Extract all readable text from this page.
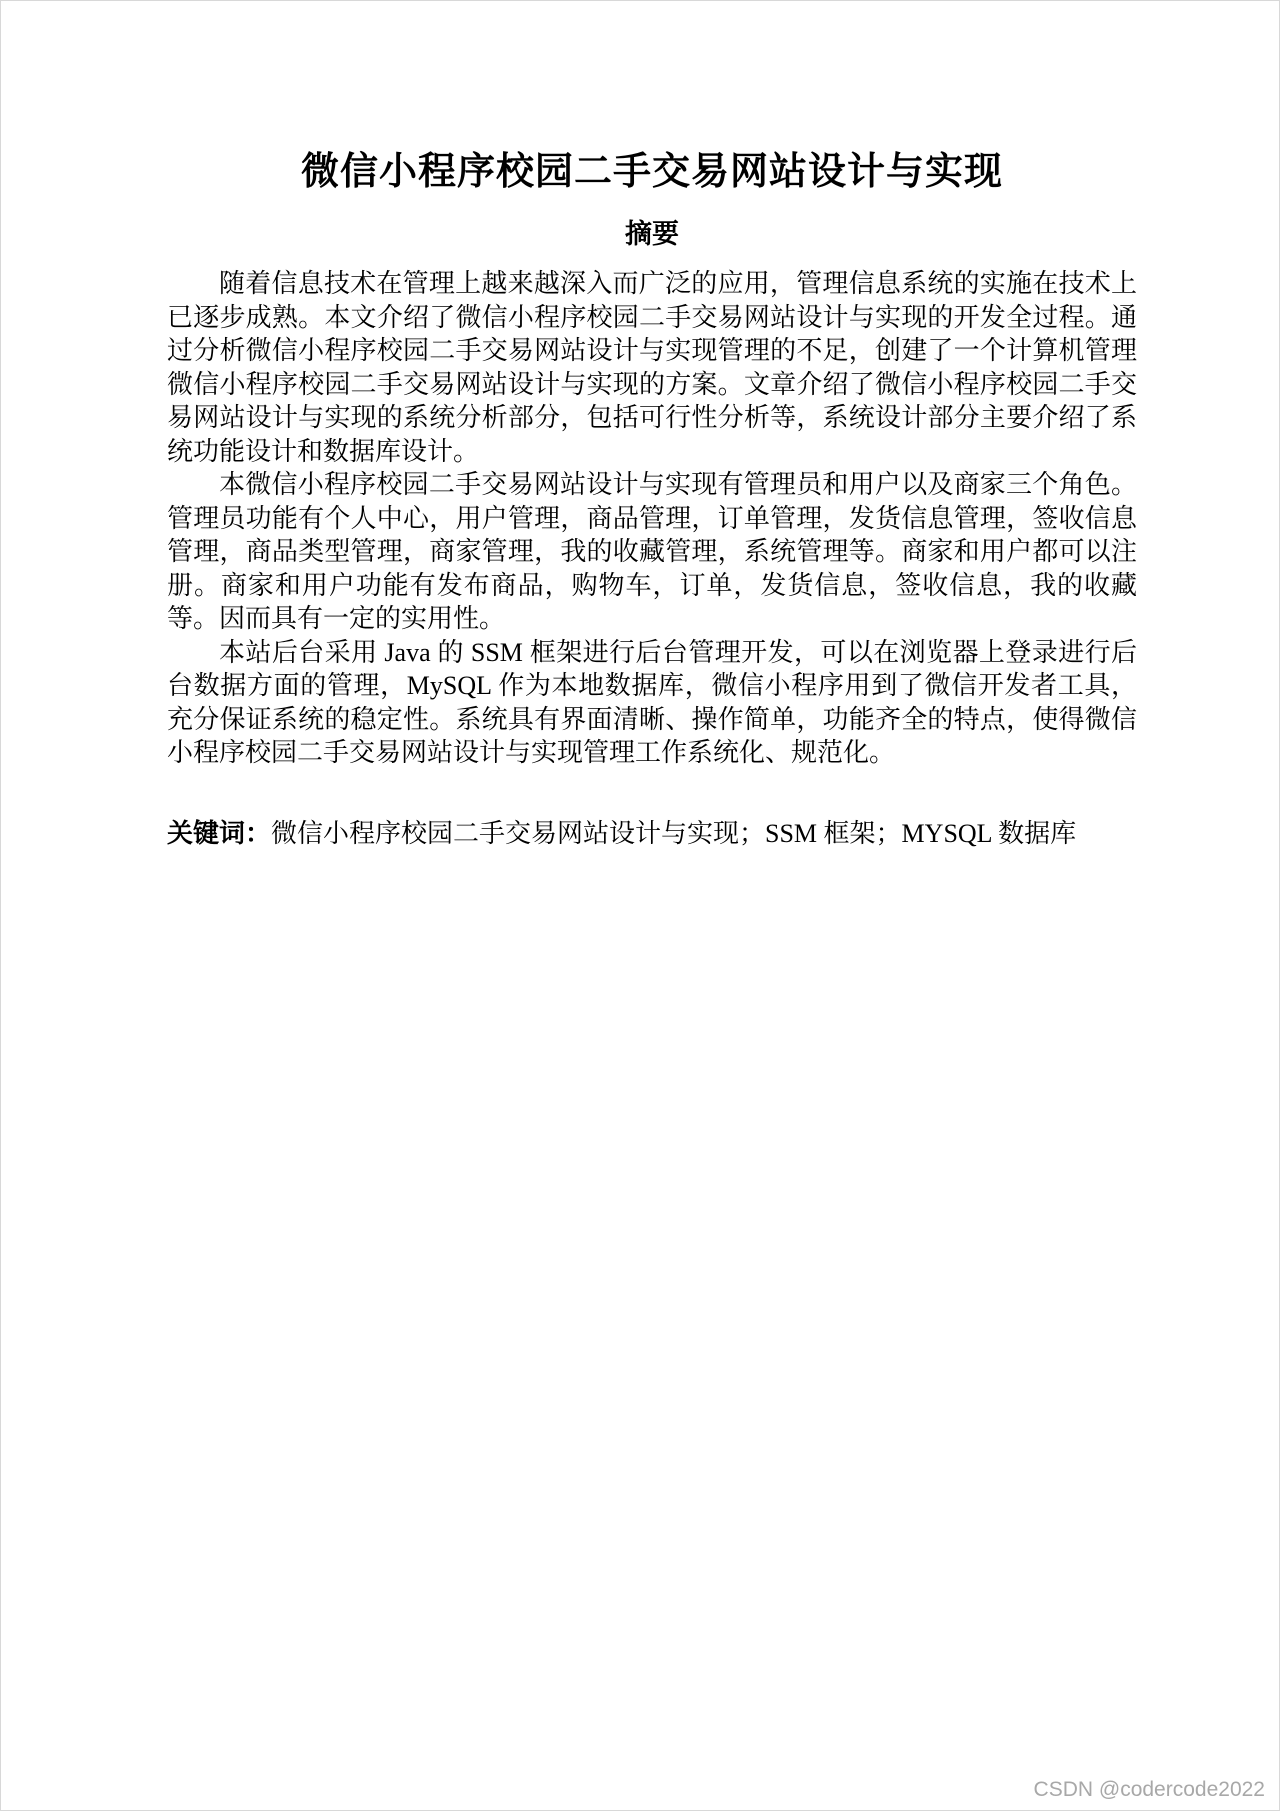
微信小程序校园二手交易网站设计与实现
摘要

随着信息技术在管理上越来越深入而广泛的应用，管理信息系统的实施在技术上已逐步成熟。本文介绍了微信小程序校园二手交易网站设计与实现的开发全过程。通过分析微信小程序校园二手交易网站设计与实现管理的不足，创建了一个计算机管理微信小程序校园二手交易网站设计与实现的方案。文章介绍了微信小程序校园二手交易网站设计与实现的系统分析部分，包括可行性分析等，系统设计部分主要介绍了系统功能设计和数据库设计。

本微信小程序校园二手交易网站设计与实现有管理员和用户以及商家三个角色。管理员功能有个人中心，用户管理，商品管理，订单管理，发货信息管理，签收信息管理，商品类型管理，商家管理，我的收藏管理，系统管理等。商家和用户都可以注册。商家和用户功能有发布商品，购物车，订单，发货信息，签收信息，我的收藏等。因而具有一定的实用性。

本站后台采用 Java 的 SSM 框架进行后台管理开发，可以在浏览器上登录进行后台数据方面的管理，MySQL 作为本地数据库，微信小程序用到了微信开发者工具，充分保证系统的稳定性。系统具有界面清晰、操作简单，功能齐全的特点，使得微信小程序校园二手交易网站设计与实现管理工作系统化、规范化。

关键词：微信小程序校园二手交易网站设计与实现；SSM 框架；MYSQL 数据库
CSDN @codercode2022
